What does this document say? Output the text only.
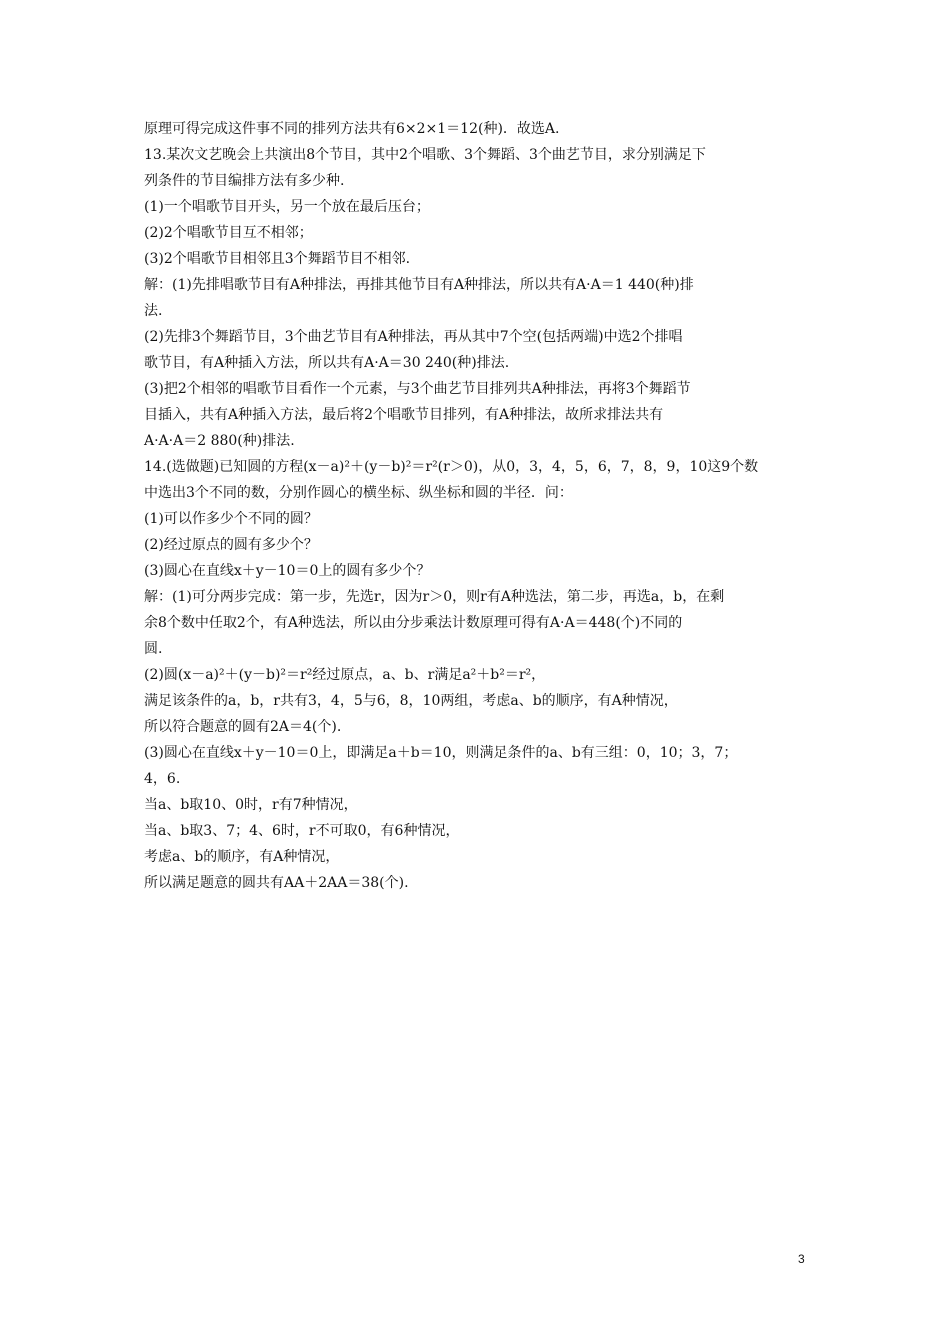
原理可得完成这件事不同的排列方法共有6×2×1＝12(种)．故选A.
13.某次文艺晚会上共演出8个节目，其中2个唱歌、3个舞蹈、3个曲艺节目，求分别满足下
列条件的节目编排方法有多少种.
(1)一个唱歌节目开头，另一个放在最后压台；
(2)2个唱歌节目互不相邻；
(3)2个唱歌节目相邻且3个舞蹈节目不相邻.
解：(1)先排唱歌节目有A种排法，再排其他节目有A种排法，所以共有A·A＝1 440(种)排
法.
(2)先排3个舞蹈节目，3个曲艺节目有A种排法，再从其中7个空(包括两端)中选2个排唱
歌节目，有A种插入方法，所以共有A·A＝30 240(种)排法.
(3)把2个相邻的唱歌节目看作一个元素，与3个曲艺节目排列共A种排法，再将3个舞蹈节
目插入，共有A种插入方法，最后将2个唱歌节目排列，有A种排法，故所求排法共有
A·A·A＝2 880(种)排法.
14.(选做题)已知圆的方程(x－a)²＋(y－b)²＝r²(r＞0)，从0，3，4，5，6，7，8，9，10这9个数
中选出3个不同的数，分别作圆心的横坐标、纵坐标和圆的半径．问：
(1)可以作多少个不同的圆？
(2)经过原点的圆有多少个？
(3)圆心在直线x＋y－10＝0上的圆有多少个？
解：(1)可分两步完成：第一步，先选r，因为r＞0，则r有A种选法，第二步，再选a，b，在剩
余8个数中任取2个，有A种选法，所以由分步乘法计数原理可得有A·A＝448(个)不同的
圆.
(2)圆(x－a)²＋(y－b)²＝r²经过原点，a、b、r满足a²＋b²＝r²，
满足该条件的a，b，r共有3，4，5与6，8，10两组，考虑a、b的顺序，有A种情况，
所以符合题意的圆有2A＝4(个).
(3)圆心在直线x＋y－10＝0上，即满足a＋b＝10，则满足条件的a、b有三组：0，10；3，7；
4，6.
当a、b取10、0时，r有7种情况，
当a、b取3、7；4、6时，r不可取0，有6种情况，
考虑a、b的顺序，有A种情况，
所以满足题意的圆共有AA＋2AA＝38(个).
3
